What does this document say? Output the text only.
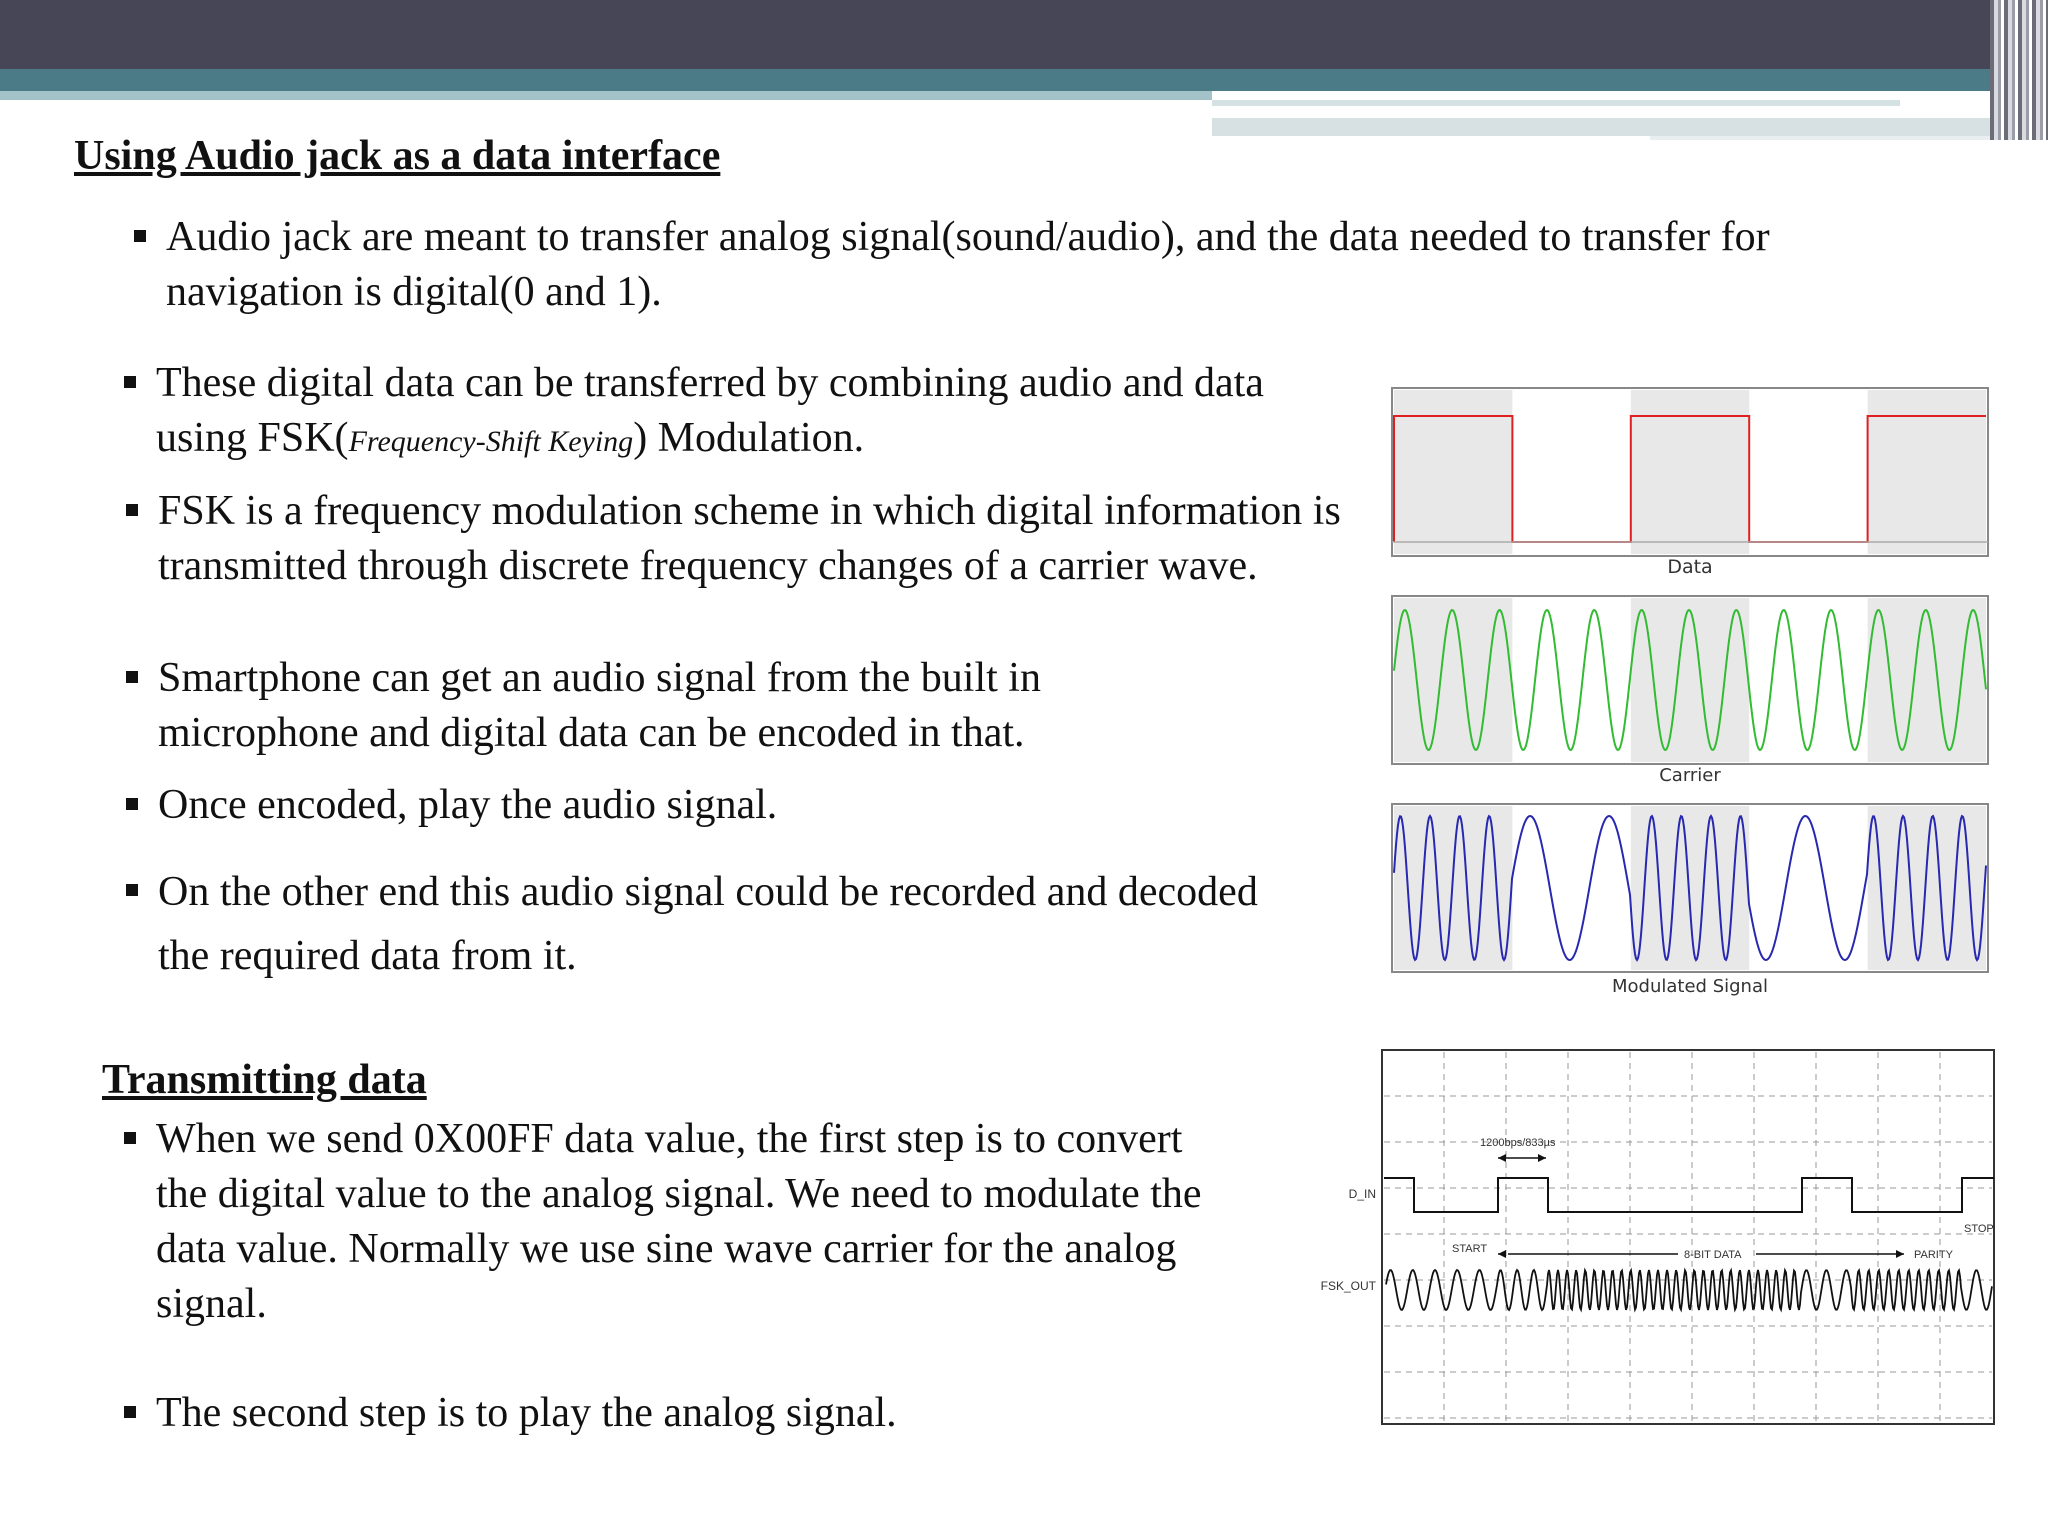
Using Audio jack as a data interface
Audio jack are meant to transfer analog signal(sound/audio), and the data needed to transfer for navigation is digital(0 and 1).
These digital data can be transferred by combining audio and data
using FSK(Frequency-Shift Keying) Modulation.
FSK is a frequency modulation scheme in which digital information is transmitted through discrete frequency changes of a carrier wave.
Smartphone can get an audio signal from the built in microphone and digital data can be encoded in that.
Once encoded, play the audio signal.
On the other end this audio signal could be recorded and decoded the required data from it.
Transmitting data
When we send 0X00FF data value, the first step is to convert the digital value to the analog signal. We need to modulate the data value. Normally we use sine wave carrier for the analog signal.
The second step is to play the analog signal.
Data
Carrier
Modulated Signal
D_IN
FSK_OUT
1200bps/833µs
START	8-BIT DATA	PARITY
STOP
